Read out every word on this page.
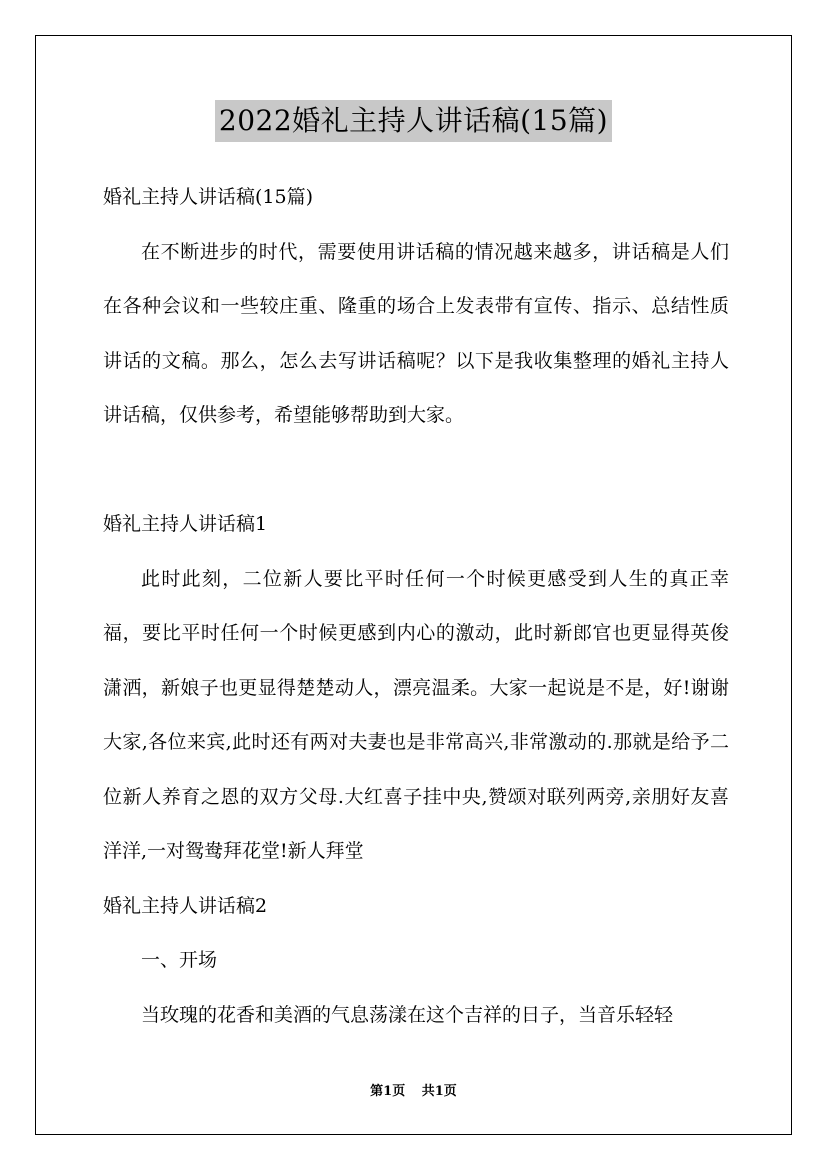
2022婚礼主持人讲话稿(15篇)

婚礼主持人讲话稿(15篇)

在不断进步的时代，需要使用讲话稿的情况越来越多，讲话稿是人们在各种会议和一些较庄重、隆重的场合上发表带有宣传、指示、总结性质讲话的文稿。那么，怎么去写讲话稿呢？以下是我收集整理的婚礼主持人讲话稿，仅供参考，希望能够帮助到大家。

婚礼主持人讲话稿1

此时此刻，二位新人要比平时任何一个时候更感受到人生的真正幸福，要比平时任何一个时候更感到内心的激动，此时新郎官也更显得英俊潇洒，新娘子也更显得楚楚动人，漂亮温柔。大家一起说是不是，好!谢谢大家,各位来宾,此时还有两对夫妻也是非常高兴,非常激动的.那就是给予二位新人养育之恩的双方父母.大红喜子挂中央,赞颂对联列两旁,亲朋好友喜洋洋,一对鸳鸯拜花堂!新人拜堂

婚礼主持人讲话稿2

一、开场

当玫瑰的花香和美酒的气息荡漾在这个吉祥的日子，当音乐轻轻

第1页 共1页
